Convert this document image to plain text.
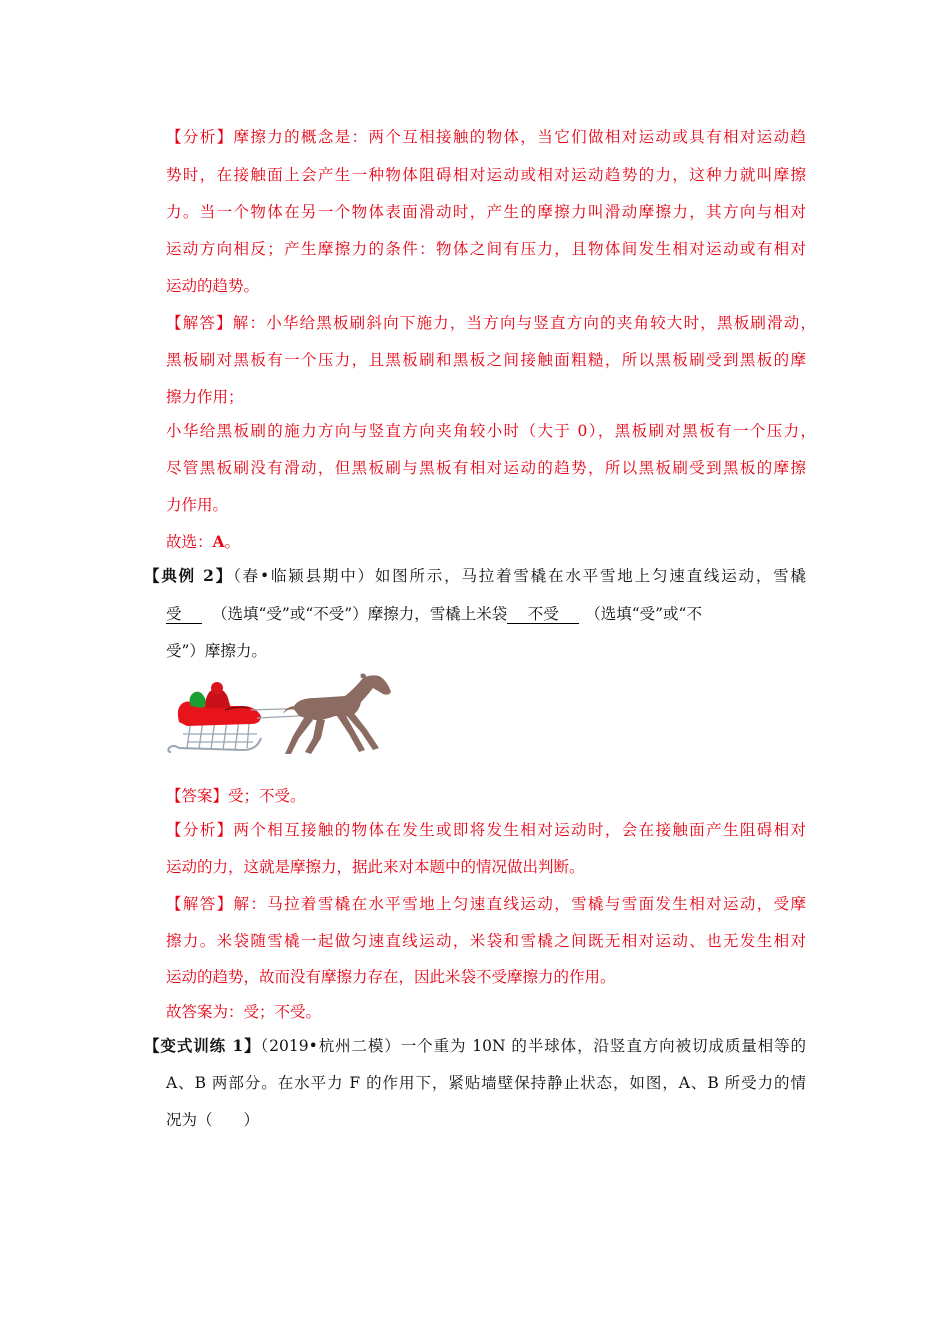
【分析】摩擦力的概念是：两个互相接触的物体，当它们做相对运动或具有相对运动趋
势时，在接触面上会产生一种物体阻碍相对运动或相对运动趋势的力，这种力就叫摩擦
力。当一个物体在另一个物体表面滑动时，产生的摩擦力叫滑动摩擦力，其方向与相对
运动方向相反；产生摩擦力的条件：物体之间有压力，且物体间发生相对运动或有相对
运动的趋势。
【解答】解：小华给黑板刷斜向下施力，当方向与竖直方向的夹角较大时，黑板刷滑动，
黑板刷对黑板有一个压力，且黑板刷和黑板之间接触面粗糙，所以黑板刷受到黑板的摩
擦力作用；
小华给黑板刷的施力方向与竖直方向夹角较小时（大于 0），黑板刷对黑板有一个压力，
尽管黑板刷没有滑动，但黑板刷与黑板有相对运动的趋势，所以黑板刷受到黑板的摩擦
力作用。
故选：A。
【典例 2】（春•临颍县期中）如图所示，马拉着雪橇在水平雪地上匀速直线运动，雪橇
受 （选填“受”或“不受”）摩擦力，雪橇上米袋 不受 （选填“受”或“不
受”）摩擦力。
【答案】受；不受。
【分析】两个相互接触的物体在发生或即将发生相对运动时，会在接触面产生阻碍相对
运动的力，这就是摩擦力，据此来对本题中的情况做出判断。
【解答】解：马拉着雪橇在水平雪地上匀速直线运动，雪橇与雪面发生相对运动，受摩
擦力。米袋随雪橇一起做匀速直线运动，米袋和雪橇之间既无相对运动、也无发生相对
运动的趋势，故而没有摩擦力存在，因此米袋不受摩擦力的作用。
故答案为：受；不受。
【变式训练 1】（2019•杭州二模）一个重为 10N 的半球体，沿竖直方向被切成质量相等的
A、B 两部分。在水平力 F 的作用下，紧贴墙壁保持静止状态，如图，A、B 所受力的情
况为（　　）
